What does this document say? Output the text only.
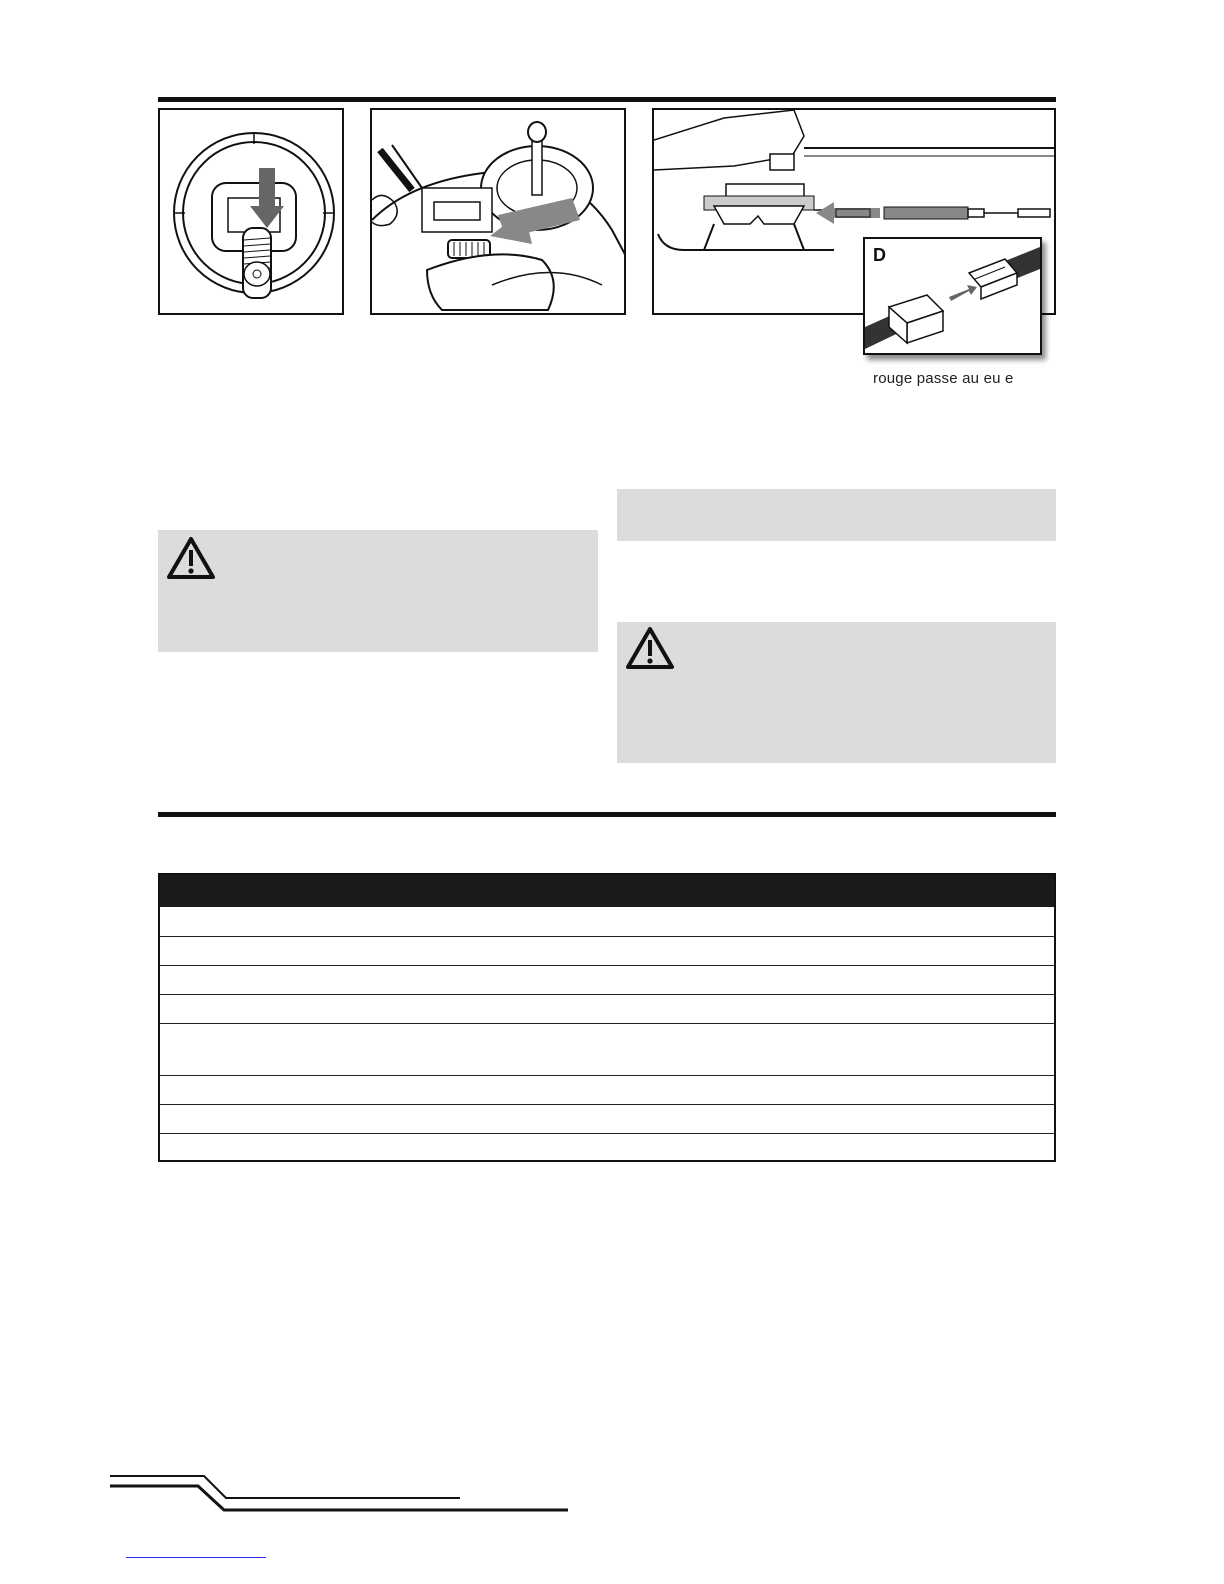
D
rouge passe au eu e
